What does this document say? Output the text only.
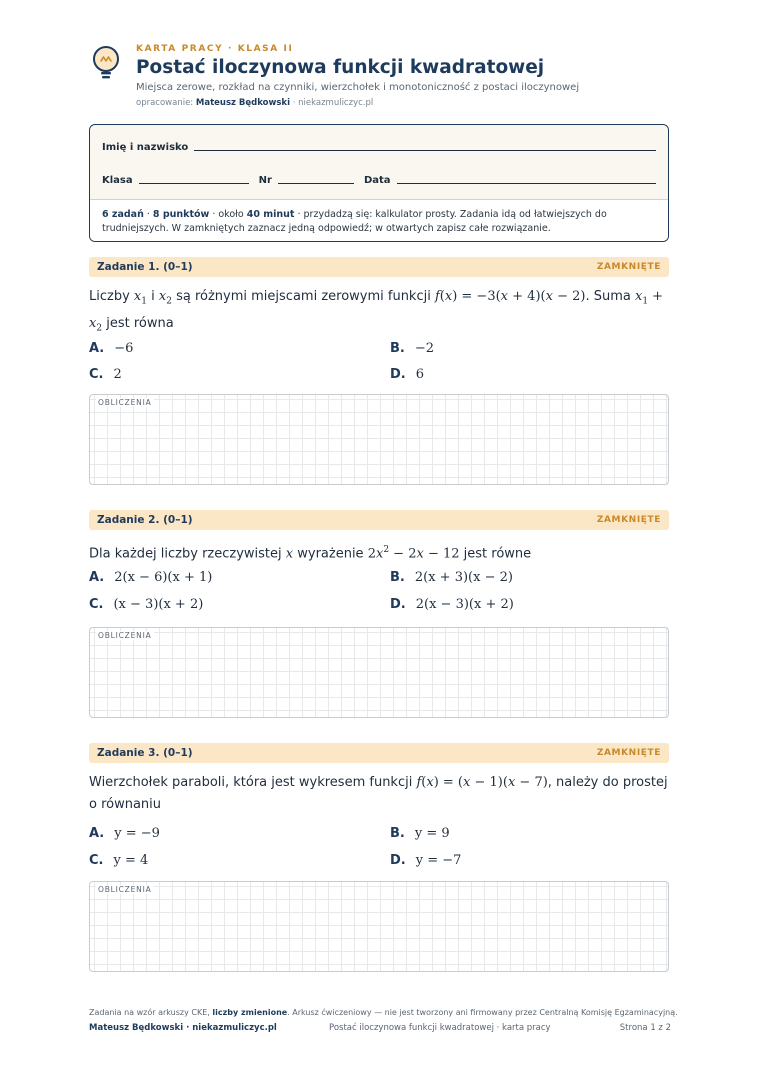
KARTA PRACY · KLASA II
Postać iloczynowa funkcji kwadratowej
Miejsca zerowe, rozkład na czynniki, wierzchołek i monotoniczność z postaci iloczynowej
opracowanie: Mateusz Będkowski · niekazmuliczyc.pl
Imię i nazwisko
Klasa	Nr	Data
6 zadań · 8 punktów · około 40 minut · przydadzą się: kalkulator prosty. Zadania idą od łatwiejszych do trudniejszych. W zamkniętych zaznacz jedną odpowiedź; w otwartych zapisz całe rozwiązanie.
Zadanie 1. (0–1)	ZAMKNIĘTE
Liczby $x_1$ i $x_2$ są różnymi miejscami zerowymi funkcji f(x) = −3(x + 4)(x − 2). Suma $x_1 + x_2$ jest równa
A. −6	B. −2
C. 2	D. 6
OBLICZENIA
Zadanie 2. (0–1)	ZAMKNIĘTE
Dla każdej liczby rzeczywistej x wyrażenie $2x^2 - 2x - 12$ jest równe
A. 2(x − 6)(x + 1)	B. 2(x + 3)(x − 2)
C. (x − 3)(x + 2)	D. 2(x − 3)(x + 2)
OBLICZENIA
Zadanie 3. (0–1)	ZAMKNIĘTE
Wierzchołek paraboli, która jest wykresem funkcji f(x) = (x − 1)(x − 7), należy do prostej o równaniu
A. y = −9	B. y = 9
C. y = 4	D. y = −7
OBLICZENIA
Zadania na wzór arkuszy CKE, liczby zmienione. Arkusz ćwiczeniowy — nie jest tworzony ani firmowany przez Centralną Komisję Egzaminacyjną.
Mateusz Będkowski · niekazmuliczyc.pl	Postać iloczynowa funkcji kwadratowej · karta pracy	Strona 1 z 2
